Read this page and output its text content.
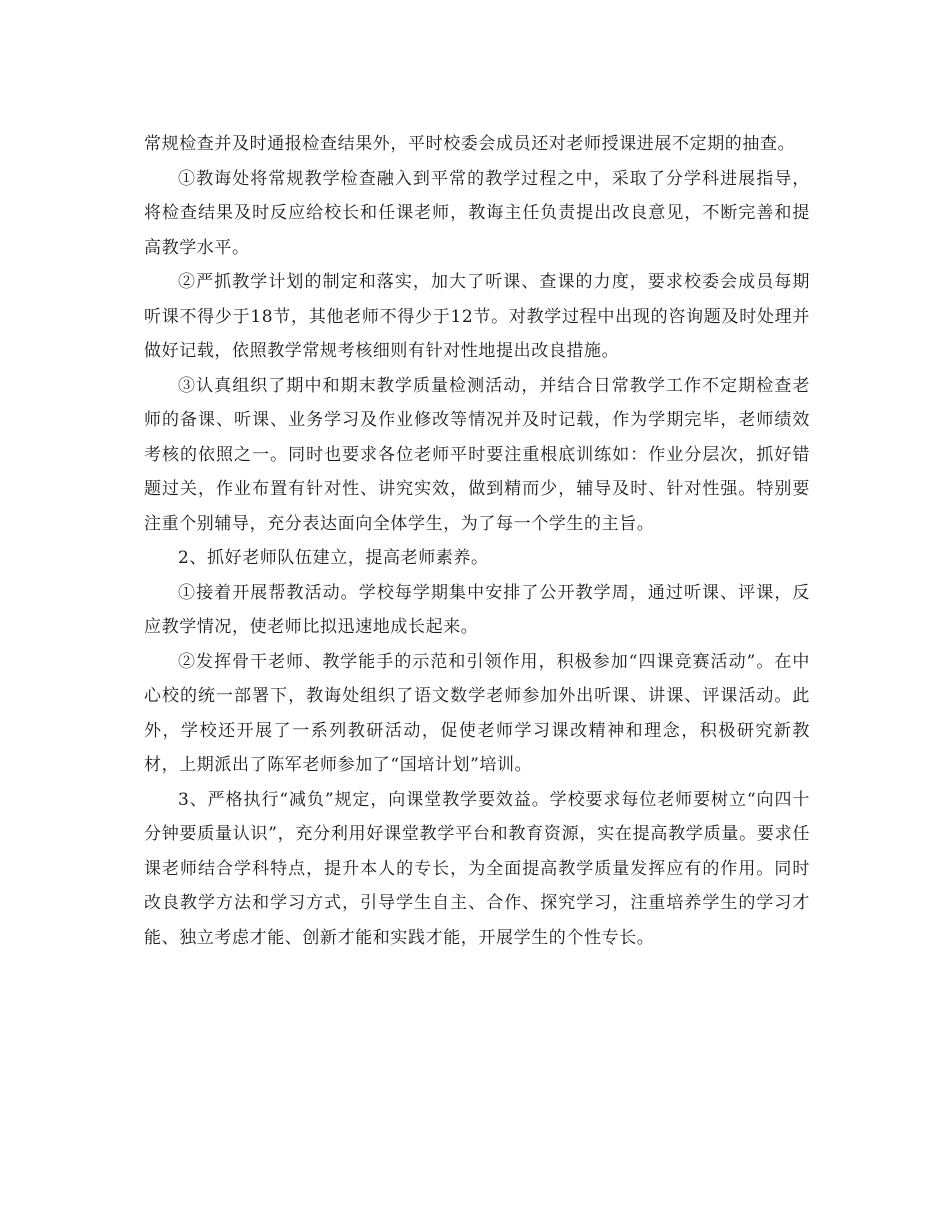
常规检查并及时通报检查结果外，平时校委会成员还对老师授课进展不定期的抽查。

①教诲处将常规教学检查融入到平常的教学过程之中，采取了分学科进展指导，将检查结果及时反应给校长和任课老师，教诲主任负责提出改良意见，不断完善和提高教学水平。

②严抓教学计划的制定和落实，加大了听课、查课的力度，要求校委会成员每期听课不得少于18节，其他老师不得少于12节。对教学过程中出现的咨询题及时处理并做好记载，依照教学常规考核细则有针对性地提出改良措施。

③认真组织了期中和期末教学质量检测活动，并结合日常教学工作不定期检查老师的备课、听课、业务学习及作业修改等情况并及时记载，作为学期完毕，老师绩效考核的依照之一。同时也要求各位老师平时要注重根底训练如：作业分层次，抓好错题过关，作业布置有针对性、讲究实效，做到精而少，辅导及时、针对性强。特别要注重个别辅导，充分表达面向全体学生，为了每一个学生的主旨。

2、抓好老师队伍建立，提高老师素养。

①接着开展帮教活动。学校每学期集中安排了公开教学周，通过听课、评课，反应教学情况，使老师比拟迅速地成长起来。

②发挥骨干老师、教学能手的示范和引领作用，积极参加“四课竞赛活动”。在中心校的统一部署下，教诲处组织了语文数学老师参加外出听课、讲课、评课活动。此外，学校还开展了一系列教研活动，促使老师学习课改精神和理念，积极研究新教材，上期派出了陈军老师参加了“国培计划”培训。

3、严格执行“减负”规定，向课堂教学要效益。学校要求每位老师要树立“向四十分钟要质量认识”，充分利用好课堂教学平台和教育资源，实在提高教学质量。要求任课老师结合学科特点，提升本人的专长，为全面提高教学质量发挥应有的作用。同时改良教学方法和学习方式，引导学生自主、合作、探究学习，注重培养学生的学习才能、独立考虑才能、创新才能和实践才能，开展学生的个性专长。
